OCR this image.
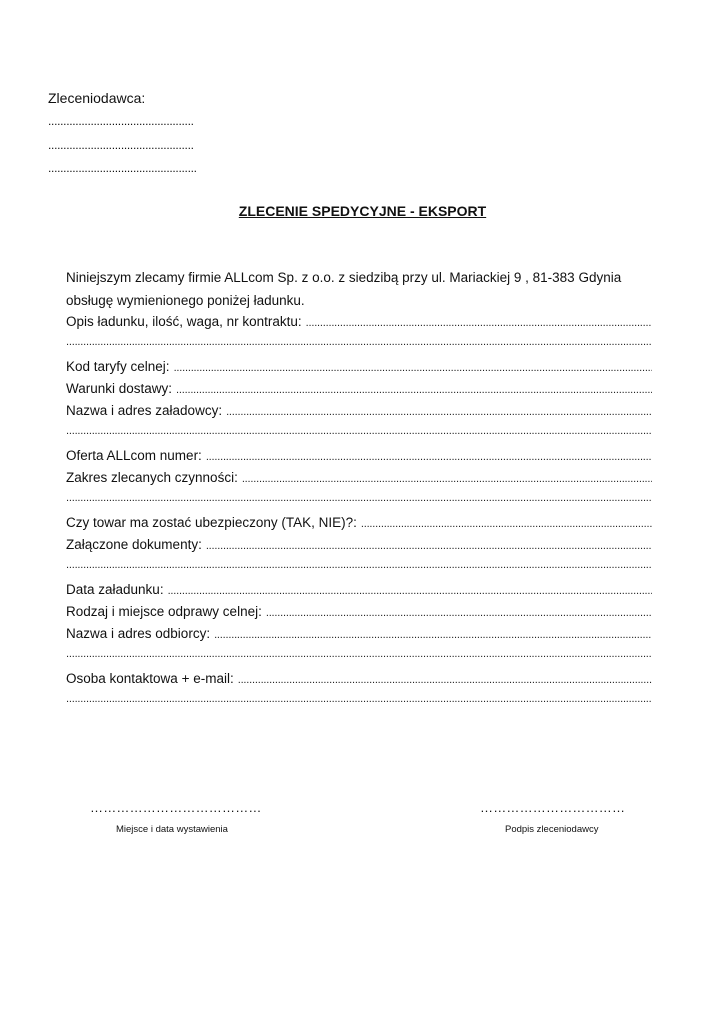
Zleceniodawca:
................................................
................................................
.................................................
ZLECENIE SPEDYCYJNE - EKSPORT
Niniejszym zlecamy firmie ALLcom Sp. z o.o. z siedzibą przy ul. Mariackiej 9 , 81-383 Gdynia
obsługę wymienionego poniżej ładunku.
Opis ładunku, ilość, waga, nr kontraktu:
.....
.....
Kod taryfy celnej:
.....
Warunki dostawy:
.....
Nazwa i adres załadowcy:
.....
.....
Oferta ALLcom numer:
.....
Zakres zlecanych czynności:
.....
.....
Czy towar ma zostać ubezpieczony (TAK, NIE)?:
.....
Załączone dokumenty:
.....
.....
Data załadunku:
.....
Rodzaj i miejsce odprawy celnej:
.....
Nazwa i adres odbiorcy:
.....
.....
Osoba kontaktowa + e-mail:
.....
.....
…………………………………
Miejsce i data wystawienia
……………………………
Podpis zleceniodawcy
